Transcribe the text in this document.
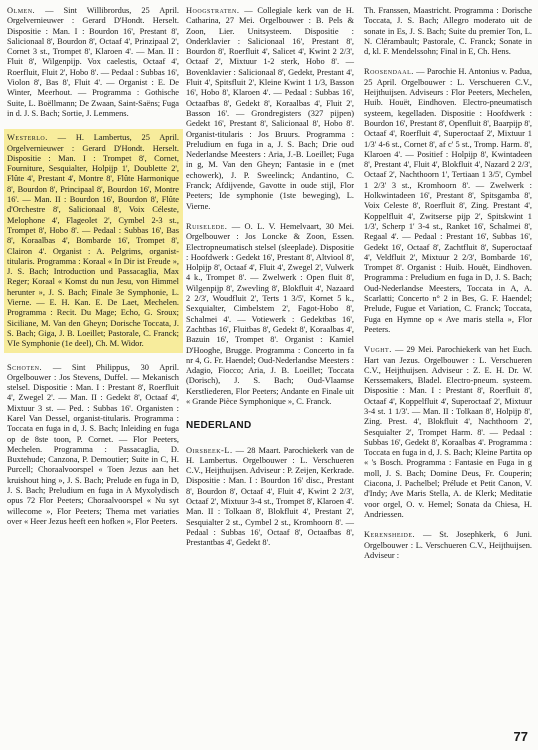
Olmen. — Sint Willibrordus, 25 April. Orgelvernieuwer : Gerard D'Hondt. Herselt. Dispositie : Man. I : Bourdon 16', Prestant 8', Salicionaal 8', Bourdon 8', Octaaf 4', Prinzipaal 2', Cornet 3 st., Trompet 8', Klaroen 4'. — Man. II : Fluit 8', Wilgenpijp. Vox caelestis, Octaaf 4', Roerfluit, Fluit 2', Hobo 8'. — Pedaal : Subbas 16', Violon 8', Bas 8', Fluit 4'. — Organist : E. De Winter, Meerhout. — Programma : Gothische Suite, L. Boëllmann; De Zwaan, Saint-Saëns; Fuga in d. J. S. Bach; Sortie, J. Lemmens.

Westerlo. — H. Lambertus, 25 April. Orgelvernieuwer : Gerard D'Hondt. Herselt. Dispositie : Man. I : Trompet 8', Cornet, Fourniture, Sesquialter, Holpijp 1', Doublette 2', Flûte 4', Prestant 4', Montre 8', Flûte Harmonique 8', Bourdon 8', Principaal 8', Bourdon 16', Montre 16'. — Man. II : Bourdon 16', Bourdon 8', Flûte d'Orchestre 8', Salicionaal 8', Voix Céleste, Melophone 4', Flageolet 2', Cymbel 2-3 st., Trompet 8', Hobo 8'. — Pedaal : Subbas 16', Bas 8', Koraalbas 4', Bombarde 16', Trompet 8', Clairon 4'. Organist : A. Pelgrims, organist-titularis. Programma : Koraal « In Dir ist Freude », J. S. Bach; Introduction und Passacaglia, Max Reger; Koraal « Komst du nun Jesu, von Himmel herunter », J. S. Bach; Finale 3e Symphonie, L. Vierne. — E. H. Kan. E. De Laet, Mechelen. Programma : Recit. Du Mage; Echo, G. Sroux; Siciliane, M. Van den Gheyn; Dorische Toccata, J. S. Bach; Giga, J. B. Loeillet; Pastorale, C. Franck; VIe Symphonie (1e deel), Ch. M. Widor.

Schoten. — Sint Philippus, 30 April. Orgelbouwer : Jos Stevens, Duffel. — Mekanisch stelsel. Dispositie : Man. I : Prestant 8', Roerfluit 4', Zwegel 2'. — Man. II : Gedekt 8', Octaaf 4', Mixtuur 3 st. — Ped. : Subbas 16'. Organisten : Karel Van Dessel, organist-titularis. Programma : Toccata en fuga in d, J. S. Bach; Inleiding en fuga op de 8ste toon, P. Cornet. — Flor Peeters, Mechelen. Programma : Passacaglia, D. Buxtehude; Canzona, P. Demoutier; Suite in C, H. Purcell; Choraalvoorspel « Toen Jezus aan het kruishout hing », J. S. Bach; Prelude en fuga in D, J. S. Bach; Preludium en fuga in A Myxolydisch opus 72 Flor Peeters; Choraalvoorspel « Nu syt willecome », Flor Peeters; Thema met variaties over « Heer Jezus heeft een hofken », Flor Peeters.

Hoogstraten. — Collegiale kerk van de H. Catharina, 27 Mei. Orgelbouwer : B. Pels & Zoon, Lier. Unitsysteem. Dispositie : Onderklavier : Salicionaal 16', Prestant 8', Bourdon 8', Roerfluit 4', Salicet 4', Kwint 2 2/3', Octaaf 2', Mixtuur 1-2 sterk, Hobo 8'. — Bovenklavier : Salicionaal 8', Gedekt, Prestant 4', Fluit 4', Spitsfluit 2', Kleine Kwint 1 1/3, Basson 16', Hobo 8', Klaroen 4'. — Pedaal : Subbas 16', Octaafbas 8', Gedekt 8', Koraalbas 4', Fluit 2', Basson 16'. — Grondregisters (327 pijpen) Gedekt 16', Prestant 8', Salicionaal 8', Hobo 8'. Organist-titularis : Jos Bruurs. Programma : Preludium en fuga in a, J. S. Bach; Drie oud Nederlandse Meesters : Aria, J.-B. Loeillet; Fuga in g, M. Van den Gheyn; Fantasie in e (met echowerk), J. P. Sweelinck; Andantino, C. Franck; Afdijvende, Gavotte in oude stijl, Flor Peeters; Ide symphonie (1ste beweging), L. Vierne.

Ruiselede. — O. L. V. Hemelvaart, 30 Mei. Orgelbouwer : Jos Loncke & Zoon, Essen. Electropneumatisch stelsel (sleeplade). Dispositie : Hoofdwerk : Gedekt 16', Prestant 8', Altviool 8', Holpijp 8', Octaaf 4', Fluit 4', Zwegel 2', Vulwerk 4 k., Trompet 8'. — Zwelwerk : Open fluit 8', Wilgenpijp 8', Zwevling 8', Blokfluit 4', Nazaard 2 2/3', Woudfluit 2', Terts 1 3/5', Kornet 5 k., Sexquialter, Cimbelstem 2', Fagot-Hobo 8', Schalmei 4'. — Votiewerk : Gedektbas 16', Zachtbas 16', Fluitbas 8', Gedekt 8', Koraalbas 4', Bazuin 16', Trompet 8'. Organist : Kamiel D'Hooghe, Brugge. Programma : Concerto in fa nr 4, G. Fr. Haendel; Oud-Nederlandse Meesters : Adagio, Fiocco; Aria, J. B. Loeillet; Toccata (Dorisch), J. S. Bach; Oud-Vlaamse Kerstliederen, Flor Peeters; Andante en Finale uit « Grande Pièce Symphonique », C. Franck.

NEDERLAND

Oirsbeek-L. — 28 Maart. Parochiekerk van de H. Lambertus. Orgelbouwer : L. Verschueren C.V., Heijthuijsen. Adviseur : P. Zeijen, Kerkrade. Dispositie : Man. I : Bourdon 16' disc., Prestant 8', Bourdon 8', Octaaf 4', Fluit 4', Kwint 2 2/3', Octaaf 2', Mixtuur 3-4 st., Trompet 8', Klaroen 4'. Man. II : Tolkaan 8', Blokfluit 4', Prestant 2', Sesquialter 2 st., Cymbel 2 st., Kromhoorn 8'. — Pedaal : Subbas 16', Octaaf 8', Octaafbas 8', Prestantbas 4', Gedekt 8'.

Th. Franssen, Maastricht. Programma : Dorische Toccata, J. S. Bach; Allegro moderato uit de sonate in Es, J. S. Bach; Suite du premier Ton, L. N. Clérambault; Pastorale, C. Franck; Sonate in d, kl. F. Mendelssohn; Final in E, Ch. Hens.

Roosendaal. — Parochie H. Antonius v. Padua, 25 April. Orgelbouwer : L. Verschueren C.V., Heijthuijsen. Adviseurs : Flor Peeters, Mechelen, Huib. Houët, Eindhoven. Electro-pneumatisch systeem, kegelladen. Dispositie : Hoofdwerk : Bourdon 16', Prestant 8', Openfluit 8', Baarpijp 8', Octaaf 4', Roerfluit 4', Superoctaaf 2', Mixtuur 1 1/3' 4-6 st., Cornet 8', af c' 5 st., Tromp. Harm. 8', Klaroen 4'. — Positief : Holpijp 8', Kwintadeen 8', Prestant 4', Fluit 4', Blokfluit 4', Nazard 2 2/3', Octaaf 2', Nachthoorn 1', Tertiaan 1 3/5', Cymbel 1 2/3' 3 st., Kromhoorn 8'. — Zwelwerk : Holkwintadeen 16', Prestant 8', Spitsgamba 8', Voix Celeste 8', Roerfluit 8', Zing. Prestant 4', Koppelfluit 4', Zwitserse pijp 2', Spitskwint 1 1/3', Scherp 1' 3-4 st., Ranket 16', Schalmei 8', Regaal 4'. — Pedaal : Prestant 16', Subbas 16', Gedekt 16', Octaaf 8', Zachtfluit 8', Superoctaaf 4', Veldfluit 2', Mixtuur 2 2/3', Bombarde 16', Trompet 8'. Organist : Huib. Houët, Eindhoven. Programma : Preludium en fuga in D, J. S. Bach; Oud-Nederlandse Meesters, Toccata in A, A. Scarlatti; Concerto n° 2 in Bes, G. F. Haendel; Prelude, Fugue et Variation, C. Franck; Toccata, Fuga en Hymne op « Ave maris stella », Flor Peeters.

Vught. — 29 Mei. Parochiekerk van het Euch. Hart van Jezus. Orgelbouwer : L. Verschueren C.V., Heijthuijsen. Adviseur : Z. E. H. Dr. W. Kerssemakers, Bladel. Electro-pneum. systeem. Dispositie : Man. I : Prestant 8', Roerfluit 8', Octaaf 4', Koppelfluit 4', Superoctaaf 2', Mixtuur 3-4 st. 1 1/3'. — Man. II : Tolkaan 8', Holpijp 8', Zing. Prest. 4', Blokfluit 4', Nachthoorn 2', Sesquialter 2', Trompet Harm. 8'. — Pedaal : Subbas 16', Gedekt 8', Koraalbas 4'. Programma : Toccata en fuga in d, J. S. Bach; Kleine Partita op « 's Bosch. Programma : Fantasie en Fuga in g moll, J. S. Bach; Domine Deus, Fr. Couperin; Ciacona, J. Pachelbel; Prélude et Petit Canon, V. d'Indy; Ave Maris Stella, A. de Klerk; Meditatie voor orgel, O. v. Hemel; Sonata da Chiesa, H. Andriessen.

Kerensheide. — St. Josephkerk, 6 Juni. Orgelbouwer : L. Verschueren C.V., Heijthuijsen. Adviseur :

77
